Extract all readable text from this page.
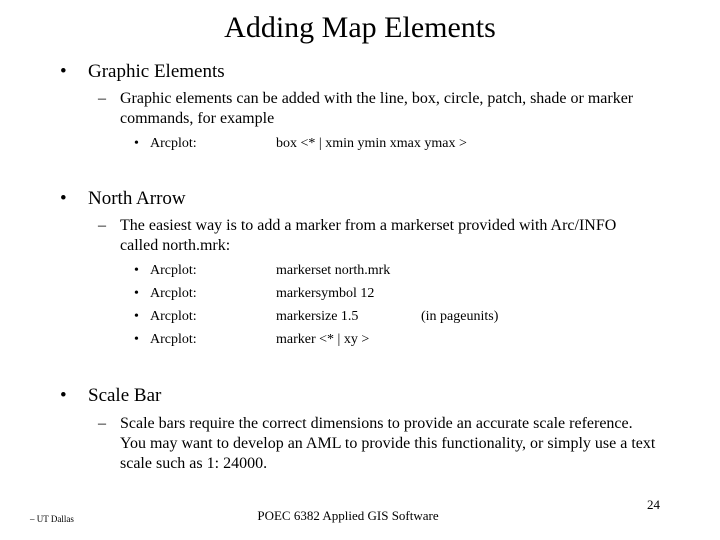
Adding Map Elements
• Graphic Elements
– Graphic elements can be added with the line, box, circle, patch, shade or marker commands, for example
• Arcplot:	box <* | xmin ymin xmax ymax >
• North Arrow
– The easiest way is to add a marker from a markerset provided with Arc/INFO called north.mrk:
• Arcplot:	markerset north.mrk
• Arcplot:	markersymbol 12
• Arcplot:	markersize 1.5	(in pageunits)
• Arcplot:	marker <* | xy >
• Scale Bar
– Scale bars require the correct dimensions to provide an accurate scale reference. You may want to develop an AML to provide this functionality, or simply use a text scale such as 1: 24000.
– UT Dallas	POEC 6382 Applied GIS Software
24
